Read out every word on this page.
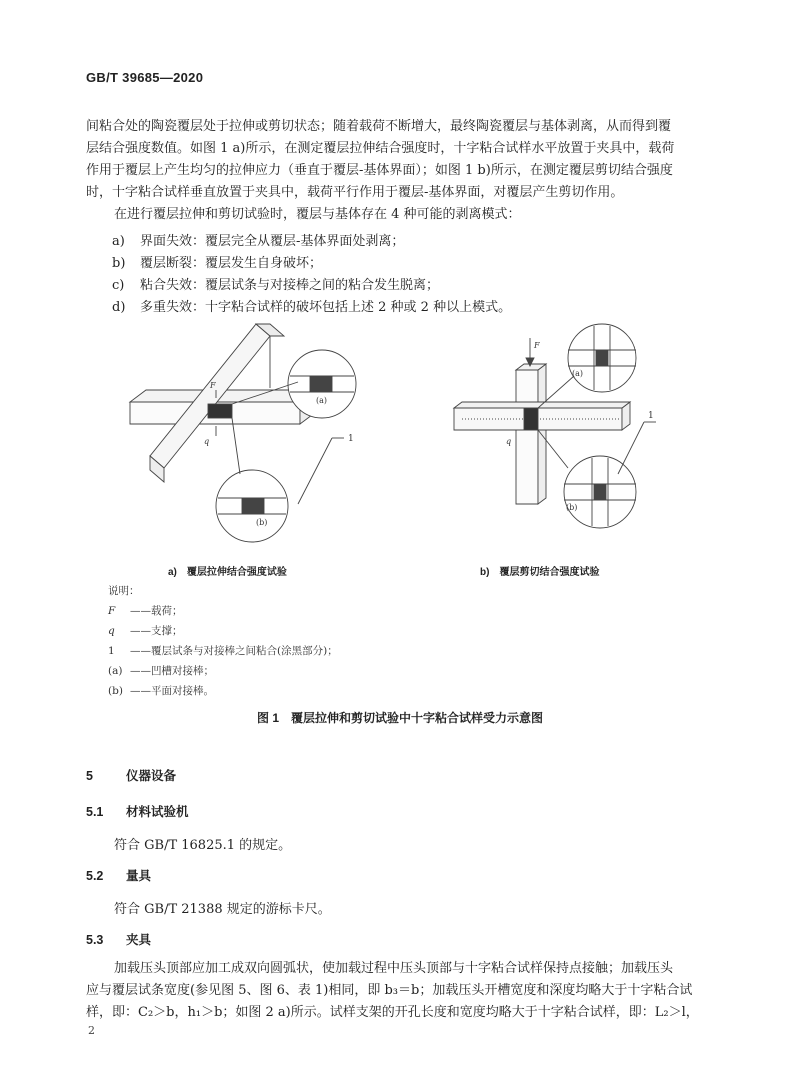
GB/T 39685—2020
间粘合处的陶瓷覆层处于拉伸或剪切状态；随着载荷不断增大，最终陶瓷覆层与基体剥离，从而得到覆
层结合强度数值。如图 1 a)所示，在测定覆层拉伸结合强度时，十字粘合试样水平放置于夹具中，载荷
作用于覆层上产生均匀的拉伸应力（垂直于覆层-基体界面）；如图 1 b)所示，在测定覆层剪切结合强度
时，十字粘合试样垂直放置于夹具中，载荷平行作用于覆层-基体界面，对覆层产生剪切作用。
在进行覆层拉伸和剪切试验时，覆层与基体存在 4 种可能的剥离模式：
a) 界面失效：覆层完全从覆层-基体界面处剥离；
b) 覆层断裂：覆层发生自身破坏；
c) 粘合失效：覆层试条与对接棒之间的粘合发生脱离；
d) 多重失效：十字粘合试样的破坏包括上述 2 种或 2 种以上模式。
F
q	1
(a)
(b)
F
q
1
(a)
(b)
a)　覆层拉伸结合强度试验	b)　覆层剪切结合强度试验
说明：
F ——载荷；
q ——支撑；
1 ——覆层试条与对接棒之间粘合(涂黑部分)；
(a) ——凹槽对接棒；
(b) ——平面对接棒。
图 1　覆层拉伸和剪切试验中十字粘合试样受力示意图
5	仪器设备
5.1 材料试验机
符合 GB/T 16825.1 的规定。
5.2 量具
符合 GB/T 21388 规定的游标卡尺。
5.3 夹具
加载压头顶部应加工成双向圆弧状，使加载过程中压头顶部与十字粘合试样保持点接触；加载压头
应与覆层试条宽度(参见图 5、图 6、表 1)相同，即 b₃＝b；加载压头开槽宽度和深度均略大于十字粘合试
样，即：C₂＞b，h₁＞b；如图 2 a)所示。试样支架的开孔长度和宽度均略大于十字粘合试样，即：L₂＞l，
2
